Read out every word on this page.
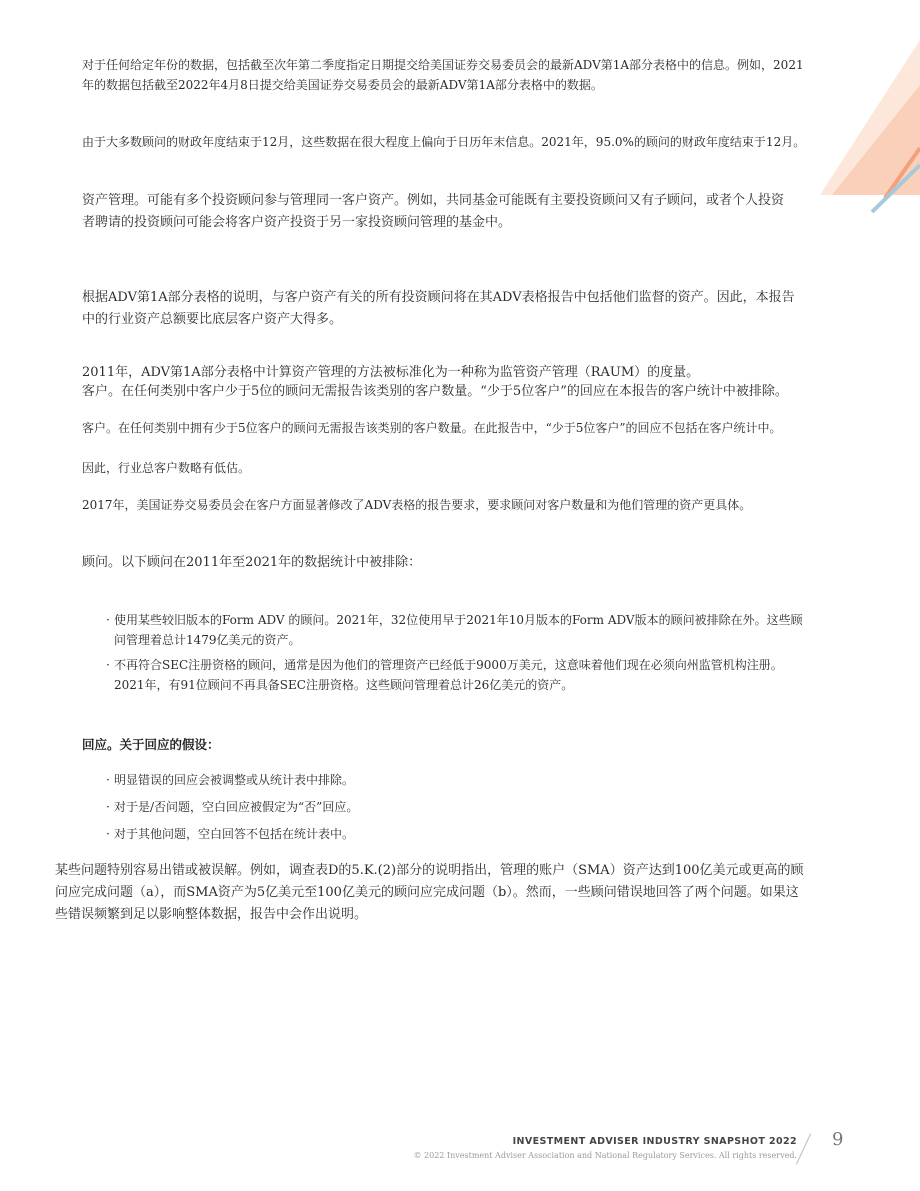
对于任何给定年份的数据，包括截至次年第二季度指定日期提交给美国证券交易委员会的最新ADV第1A部分表格中的信息。例如，2021年的数据包括截至2022年4月8日提交给美国证券交易委员会的最新ADV第1A部分表格中的数据。

由于大多数顾问的财政年度结束于12月，这些数据在很大程度上偏向于日历年末信息。2021年，95.0%的顾问的财政年度结束于12月。

资产管理。可能有多个投资顾问参与管理同一客户资产。例如，共同基金可能既有主要投资顾问又有子顾问，或者个人投资者聘请的投资顾问可能会将客户资产投资于另一家投资顾问管理的基金中。

根据ADV第1A部分表格的说明，与客户资产有关的所有投资顾问将在其ADV表格报告中包括他们监督的资产。因此，本报告中的行业资产总额要比底层客户资产大得多。

2011年，ADV第1A部分表格中计算资产管理的方法被标准化为一种称为监管资产管理（RAUM）的度量。

客户。在任何类别中客户少于5位的顾问无需报告该类别的客户数量。“少于5位客户”的回应在本报告的客户统计中被排除。

客户。在任何类别中拥有少于5位客户的顾问无需报告该类别的客户数量。在此报告中，“少于5位客户”的回应不包括在客户统计中。

因此，行业总客户数略有低估。

2017年，美国证券交易委员会在客户方面显著修改了ADV表格的报告要求，要求顾问对客户数量和为他们管理的资产更具体。

顾问。以下顾问在2011年至2021年的数据统计中被排除：

· 使用某些较旧版本的Form ADV 的顾问。2021年，32位使用早于2021年10月版本的Form ADV版本的顾问被排除在外。这些顾问管理着总计1479亿美元的资产。
· 不再符合SEC注册资格的顾问，通常是因为他们的管理资产已经低于9000万美元，这意味着他们现在必须向州监管机构注册。2021年，有91位顾问不再具备SEC注册资格。这些顾问管理着总计26亿美元的资产。
回应。关于回应的假设：
· 明显错误的回应会被调整或从统计表中排除。
· 对于是/否问题，空白回应被假定为“否”回应。
· 对于其他问题，空白回答不包括在统计表中。

某些问题特别容易出错或被误解。例如，调查表D的5.K.(2)部分的说明指出，管理的账户（SMA）资产达到100亿美元或更高的顾问应完成问题（a），而SMA资产为5亿美元至100亿美元的顾问应完成问题（b）。然而，一些顾问错误地回答了两个问题。如果这些错误频繁到足以影响整体数据，报告中会作出说明。

INVESTMENT ADVISER INDUSTRY SNAPSHOT 2022
© 2022 Investment Adviser Association and National Regulatory Services. All rights reserved.
9
